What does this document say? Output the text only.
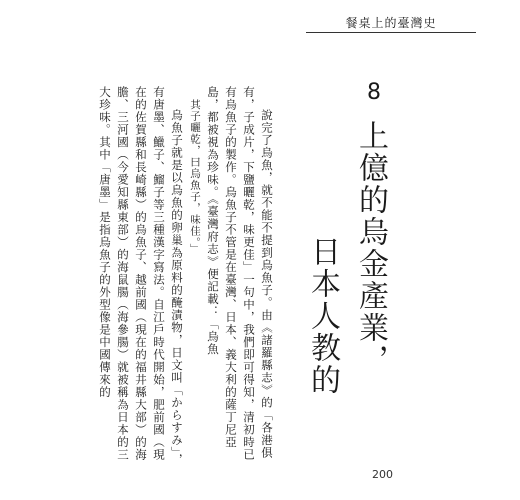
餐桌上的臺灣史
8
上億的烏金產業，
日本人教的

說完了烏魚，就不能不提到烏魚子。由《諸羅縣志》的「各港俱有，子成片，下鹽曬乾，味更佳」一句中，我們即可得知，清初時已有烏魚子的製作。烏魚子不管是在臺灣、日本、義大利的薩丁尼亞島，都被視為珍味。《臺灣府志》便記載：「烏魚

其子曬乾，曰烏魚子，味佳。」

烏魚子就是以烏魚的卵巢為原料的醃漬物，日文叫「からすみ」，有唐墨、鱲子、鰡子等三種漢字寫法。自江戶時代開始，肥前國（現在的佐賀縣和長崎縣）的烏魚子、越前國（現在的福井縣大部）的海膽、三河國（今愛知縣東部）的海鼠腸（海參腸）就被稱為日本的三大珍味。其中「唐墨」是指烏魚子的外型像是中國傳來的

200
